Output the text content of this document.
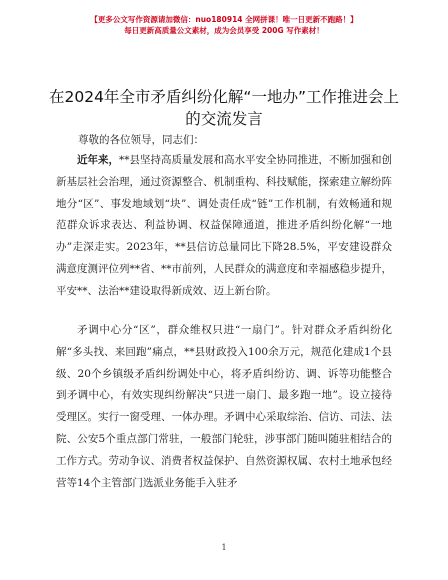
【更多公文写作资源请加微信：nuo180914 全网拼课！唯一日更新不跑路！】
每日更新高质量公文素材，成为会员享受 200G 写作素材！
在2024年全市矛盾纠纷化解“一地办”工作推进会上的交流发言
尊敬的各位领导，同志们：

近年来，**县坚持高质量发展和高水平安全协同推进，不断加强和创新基层社会治理，通过资源整合、机制重构、科技赋能，探索建立解纷阵地分“区”、事发地域划“块”、调处责任成“链”工作机制，有效畅通和规范群众诉求表达、利益协调、权益保障通道，推进矛盾纠纷化解“一地办”走深走实。2023年，**县信访总量同比下降28.5%，平安建设群众满意度测评位列**省、**市前列，人民群众的满意度和幸福感稳步提升，平安**、法治**建设取得新成效、迈上新台阶。

矛调中心分“区”，群众维权只进“一扇门”。针对群众矛盾纠纷化解“多头找、来回跑”痛点，**县财政投入100余万元，规范化建成1个县级、20个乡镇级矛盾纠纷调处中心，将矛盾纠纷访、调、诉等功能整合到矛调中心，有效实现纠纷解决“只进一扇门、最多跑一地”。设立接待受理区。实行一窗受理、一体办理。矛调中心采取综治、信访、司法、法院、公安5个重点部门常驻，一般部门轮驻，涉事部门随叫随驻相结合的工作方式。劳动争议、消费者权益保护、自然资源权属、农村土地承包经营等14个主管部门选派业务能手入驻矛

1
